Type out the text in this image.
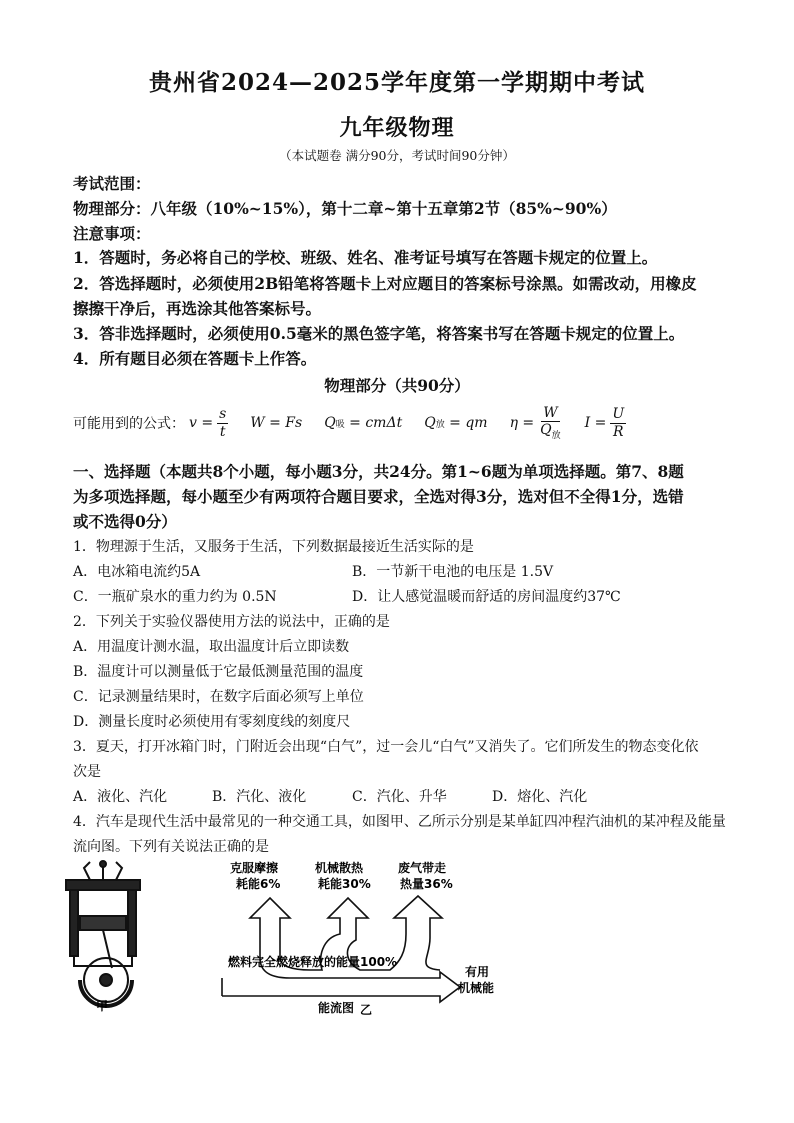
贵州省2024—2025学年度第一学期期中考试
九年级物理
（本试题卷 满分90分，考试时间90分钟）
考试范围：
物理部分：八年级（10%~15%），第十二章~第十五章第2节（85%~90%）
注意事项：
1．答题时，务必将自己的学校、班级、姓名、准考证号填写在答题卡规定的位置上。
2．答选择题时，必须使用2B铅笔将答题卡上对应题目的答案标号涂黑。如需改动，用橡皮
擦擦干净后，再选涂其他答案标号。
3．答非选择题时，必须使用0.5毫米的黑色签字笔，将答案书写在答题卡规定的位置上。
4．所有题目必须在答题卡上作答。
物理部分（共90分）
可能用到的公式： $v = \frac{s}{t}$ W = Fs Q 吸
= cmΔt Q 放
= qm $\eta = \frac{W}{Q_放}$ $I = \frac{U}{R}$
一、选择题（本题共8个小题，每小题3分，共24分。第1~6题为单项选择题。第7、8题
为多项选择题，每小题至少有两项符合题目要求，全选对得3分，选对但不全得1分，选错
或不选得0分）
1．物理源于生活，又服务于生活，下列数据最接近生活实际的是
A．电冰箱电流约5A	B．一节新干电池的电压是 1.5V
C．一瓶矿泉水的重力约为 0.5N	D．让人感觉温暖而舒适的房间温度约37℃
2．下列关于实验仪器使用方法的说法中，正确的是
A．用温度计测水温，取出温度计后立即读数
B．温度计可以测量低于它最低测量范围的温度
C．记录测量结果时，在数字后面必须写上单位
D．测量长度时必须使用有零刻度线的刻度尺
3．夏天，打开冰箱门时，门附近会出现“白气”，过一会儿“白气”又消失了。它们所发生的物态变化依
次是
A．液化、汽化	B．汽化、液化	C．汽化、升华	D．熔化、汽化
4．汽车是现代生活中最常见的一种交通工具，如图甲、乙所示分别是某单缸四冲程汽油机的某冲程及能量
流向图。下列有关说法正确的是
甲
燃料完全燃烧释放的能量100%
有用
机械能
能流图 乙
克服摩擦
耗能6%
机械散热
耗能30%
废气带走
热量36%
